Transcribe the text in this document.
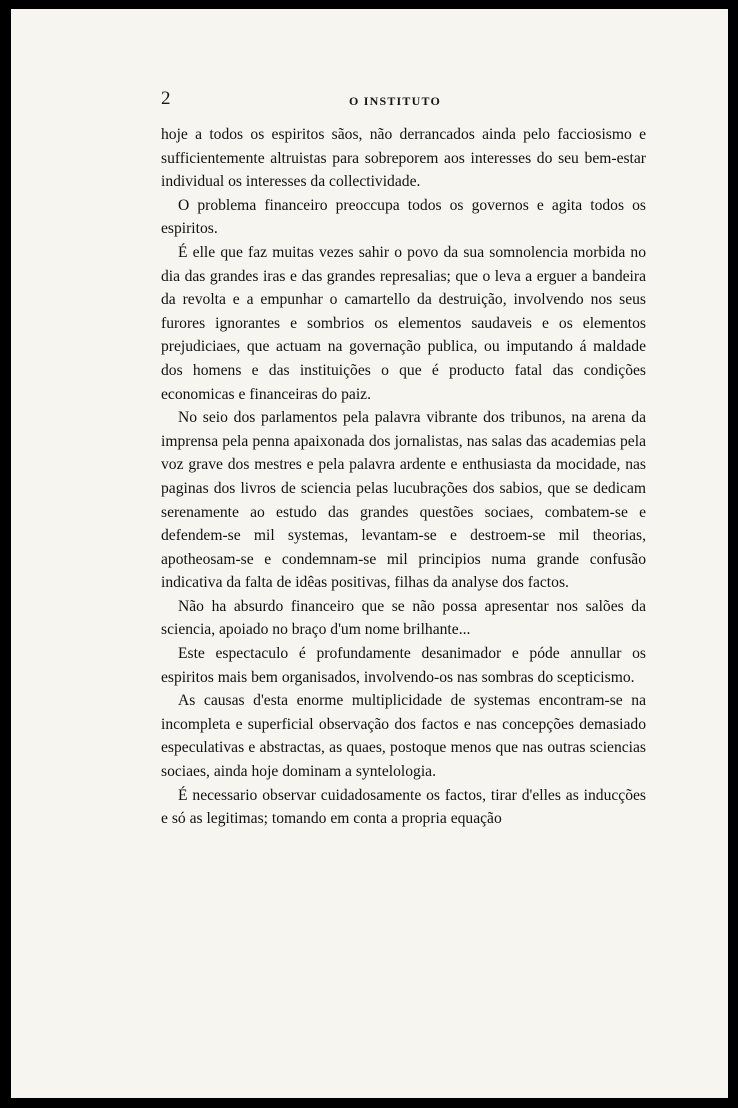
2	O INSTITUTO

hoje a todos os espiritos sãos, não derrancados ainda pelo facciosismo e sufficientemente altruistas para sobreporem aos interesses do seu bem-estar individual os interesses da collectividade.

O problema financeiro preoccupa todos os governos e agita todos os espiritos.

É elle que faz muitas vezes sahir o povo da sua somnolencia morbida no dia das grandes iras e das grandes represalias; que o leva a erguer a bandeira da revolta e a empunhar o camartello da destruição, involvendo nos seus furores ignorantes e sombrios os elementos saudaveis e os elementos prejudiciaes, que actuam na governação publica, ou imputando á maldade dos homens e das instituições o que é producto fatal das condições economicas e financeiras do paiz.

No seio dos parlamentos pela palavra vibrante dos tribunos, na arena da imprensa pela penna apaixonada dos jornalistas, nas salas das academias pela voz grave dos mestres e pela palavra ardente e enthusiasta da mocidade, nas paginas dos livros de sciencia pelas lucubrações dos sabios, que se dedicam serenamente ao estudo das grandes questões sociaes, combatem-se e defendem-se mil systemas, levantam-se e destroem-se mil theorias, apotheosam-se e condemnam-se mil principios numa grande confusão indicativa da falta de idêas positivas, filhas da analyse dos factos.

Não ha absurdo financeiro que se não possa apresentar nos salões da sciencia, apoiado no braço d'um nome brilhante...

Este espectaculo é profundamente desanimador e póde annullar os espiritos mais bem organisados, involvendo-os nas sombras do scepticismo.

As causas d'esta enorme multiplicidade de systemas encontram-se na incompleta e superficial observação dos factos e nas concepções demasiado especulativas e abstractas, as quaes, postoque menos que nas outras sciencias sociaes, ainda hoje dominam a syntelologia.

É necessario observar cuidadosamente os factos, tirar d'elles as inducções e só as legitimas; tomando em conta a propria equação
